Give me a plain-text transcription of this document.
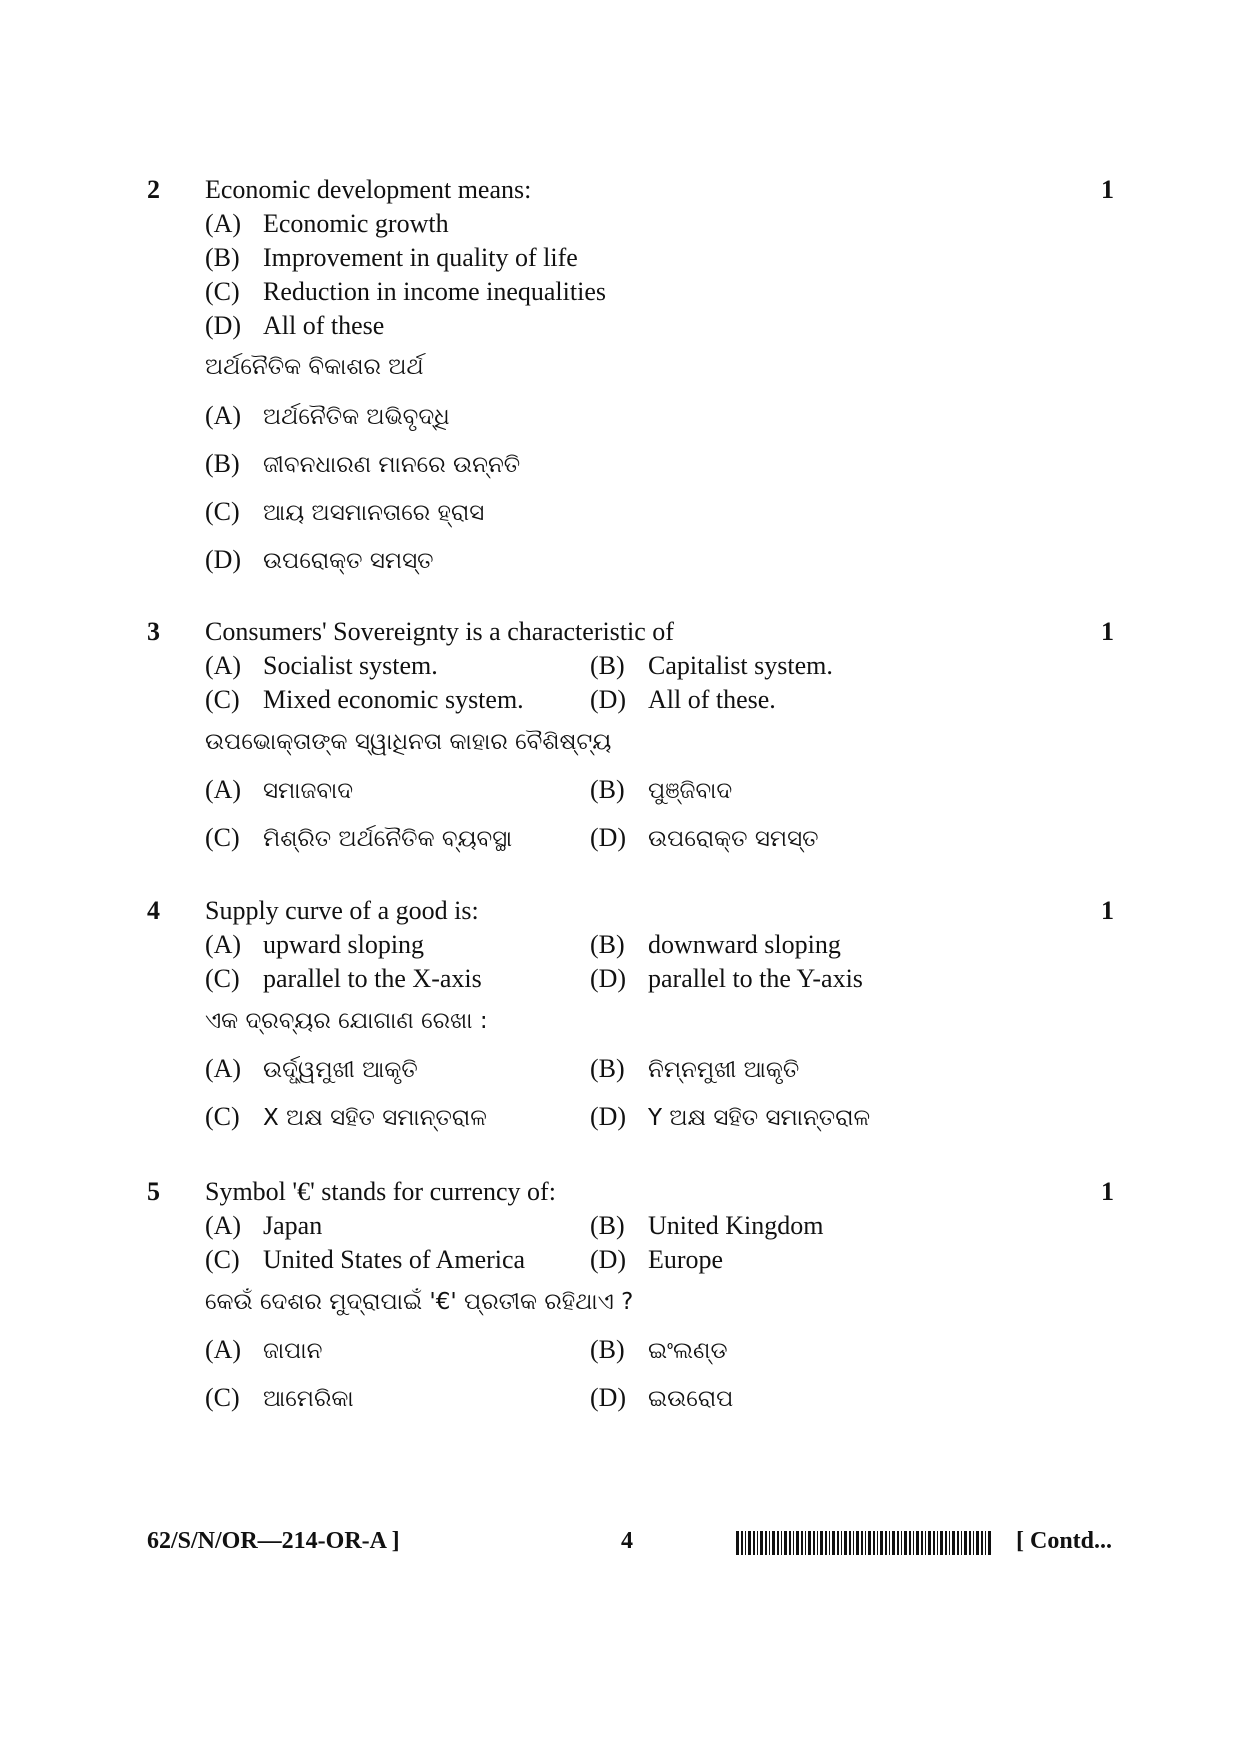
2	1
Economic development means:
(A) Economic growth
(B) Improvement in quality of life
(C) Reduction in income inequalities
(D) All of these
ଅର୍ଥନୈତିକ ବିକାଶର ଅର୍ଥ
(A) ଅର୍ଥନୈତିକ ଅଭିବୃଦ୍ଧି
(B) ଜୀବନଧାରଣ ମାନରେ ଉନ୍ନତି
(C) ଆୟ ଅସମାନତାରେ ହ୍ରାସ
(D) ଉପରୋକ୍ତ ସମସ୍ତ
3	1
Consumers' Sovereignty is a characteristic of
(A) Socialist system.	(B) Capitalist system.
(C) Mixed economic system.	(D) All of these.
ଉପଭୋକ୍ତାଙ୍କ ସ୍ୱାଧିନତା କାହାର ବୈଶିଷ୍ଟ୍ୟ
(A) ସମାଜବାଦ	(B) ପୁଞ୍ଜିବାଦ
(C) ମିଶ୍ରିତ ଅର୍ଥନୈତିକ ବ୍ୟବସ୍ଥା	(D) ଉପରୋକ୍ତ ସମସ୍ତ
4	1
Supply curve of a good is:
(A) upward sloping	(B) downward sloping
(C) parallel to the X-axis	(D) parallel to the Y-axis
ଏକ ଦ୍ରବ୍ୟର ଯୋଗାଣ ରେଖା :
(A) ଉର୍ଦ୍ଧ୍ୱମୁଖୀ ଆକୃତି	(B) ନିମ୍ନମୁଖୀ ଆକୃତି
(C) X ଅକ୍ଷ ସହିତ ସମାନ୍ତରାଳ	(D) Y ଅକ୍ଷ ସହିତ ସମାନ୍ତରାଳ
5	1
Symbol '€' stands for currency of:
(A) Japan	(B) United Kingdom
(C) United States of America (D) Europe
କେଉଁ ଦେଶର ମୁଦ୍ରାପାଇଁ '€' ପ୍ରତୀକ ରହିଥାଏ ?
(A) ଜାପାନ	(B) ଇଂଲଣ୍ଡ
(C) ଆମେରିକା	(D) ଇଉରୋପ
62/S/N/OR—214-OR-A ]	4	[ Contd...
